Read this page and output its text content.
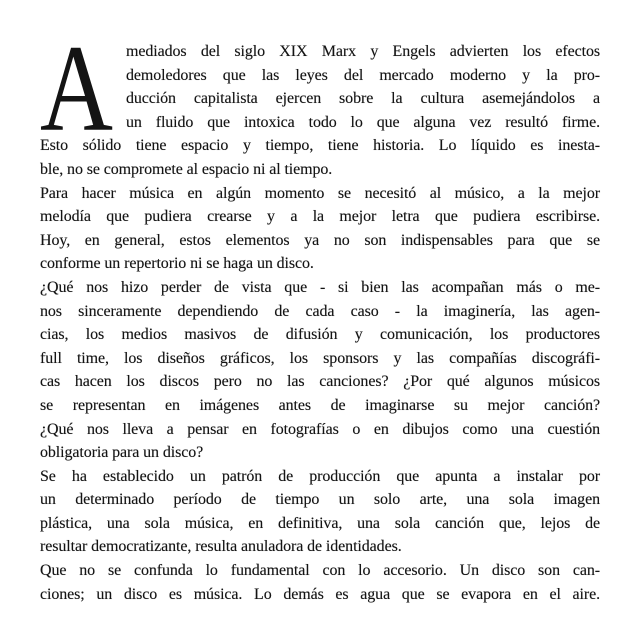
A mediados del siglo XIX Marx y Engels advierten los efectos
demoledores que las leyes del mercado moderno y la pro-
ducción capitalista ejercen sobre la cultura asemejándolos a
un fluido que intoxica todo lo que alguna vez resultó firme.
Esto sólido tiene espacio y tiempo, tiene historia. Lo líquido es inesta-
ble, no se compromete al espacio ni al tiempo.
Para hacer música en algún momento se necesitó al músico, a la mejor
melodía que pudiera crearse y a la mejor letra que pudiera escribirse.
Hoy, en general, estos elementos ya no son indispensables para que se
conforme un repertorio ni se haga un disco.
¿Qué nos hizo perder de vista que - si bien las acompañan más o me-
nos sinceramente dependiendo de cada caso - la imaginería, las agen-
cias, los medios masivos de difusión y comunicación, los productores
full time, los diseños gráficos, los sponsors y las compañías discográfi-
cas hacen los discos pero no las canciones? ¿Por qué algunos músicos
se representan en imágenes antes de imaginarse su mejor canción?
¿Qué nos lleva a pensar en fotografías o en dibujos como una cuestión
obligatoria para un disco?
Se ha establecido un patrón de producción que apunta a instalar por
un determinado período de tiempo un solo arte, una sola imagen
plástica, una sola música, en definitiva, una sola canción que, lejos de
resultar democratizante, resulta anuladora de identidades.
Que no se confunda lo fundamental con lo accesorio. Un disco son can-
ciones; un disco es música. Lo demás es agua que se evapora en el aire.
